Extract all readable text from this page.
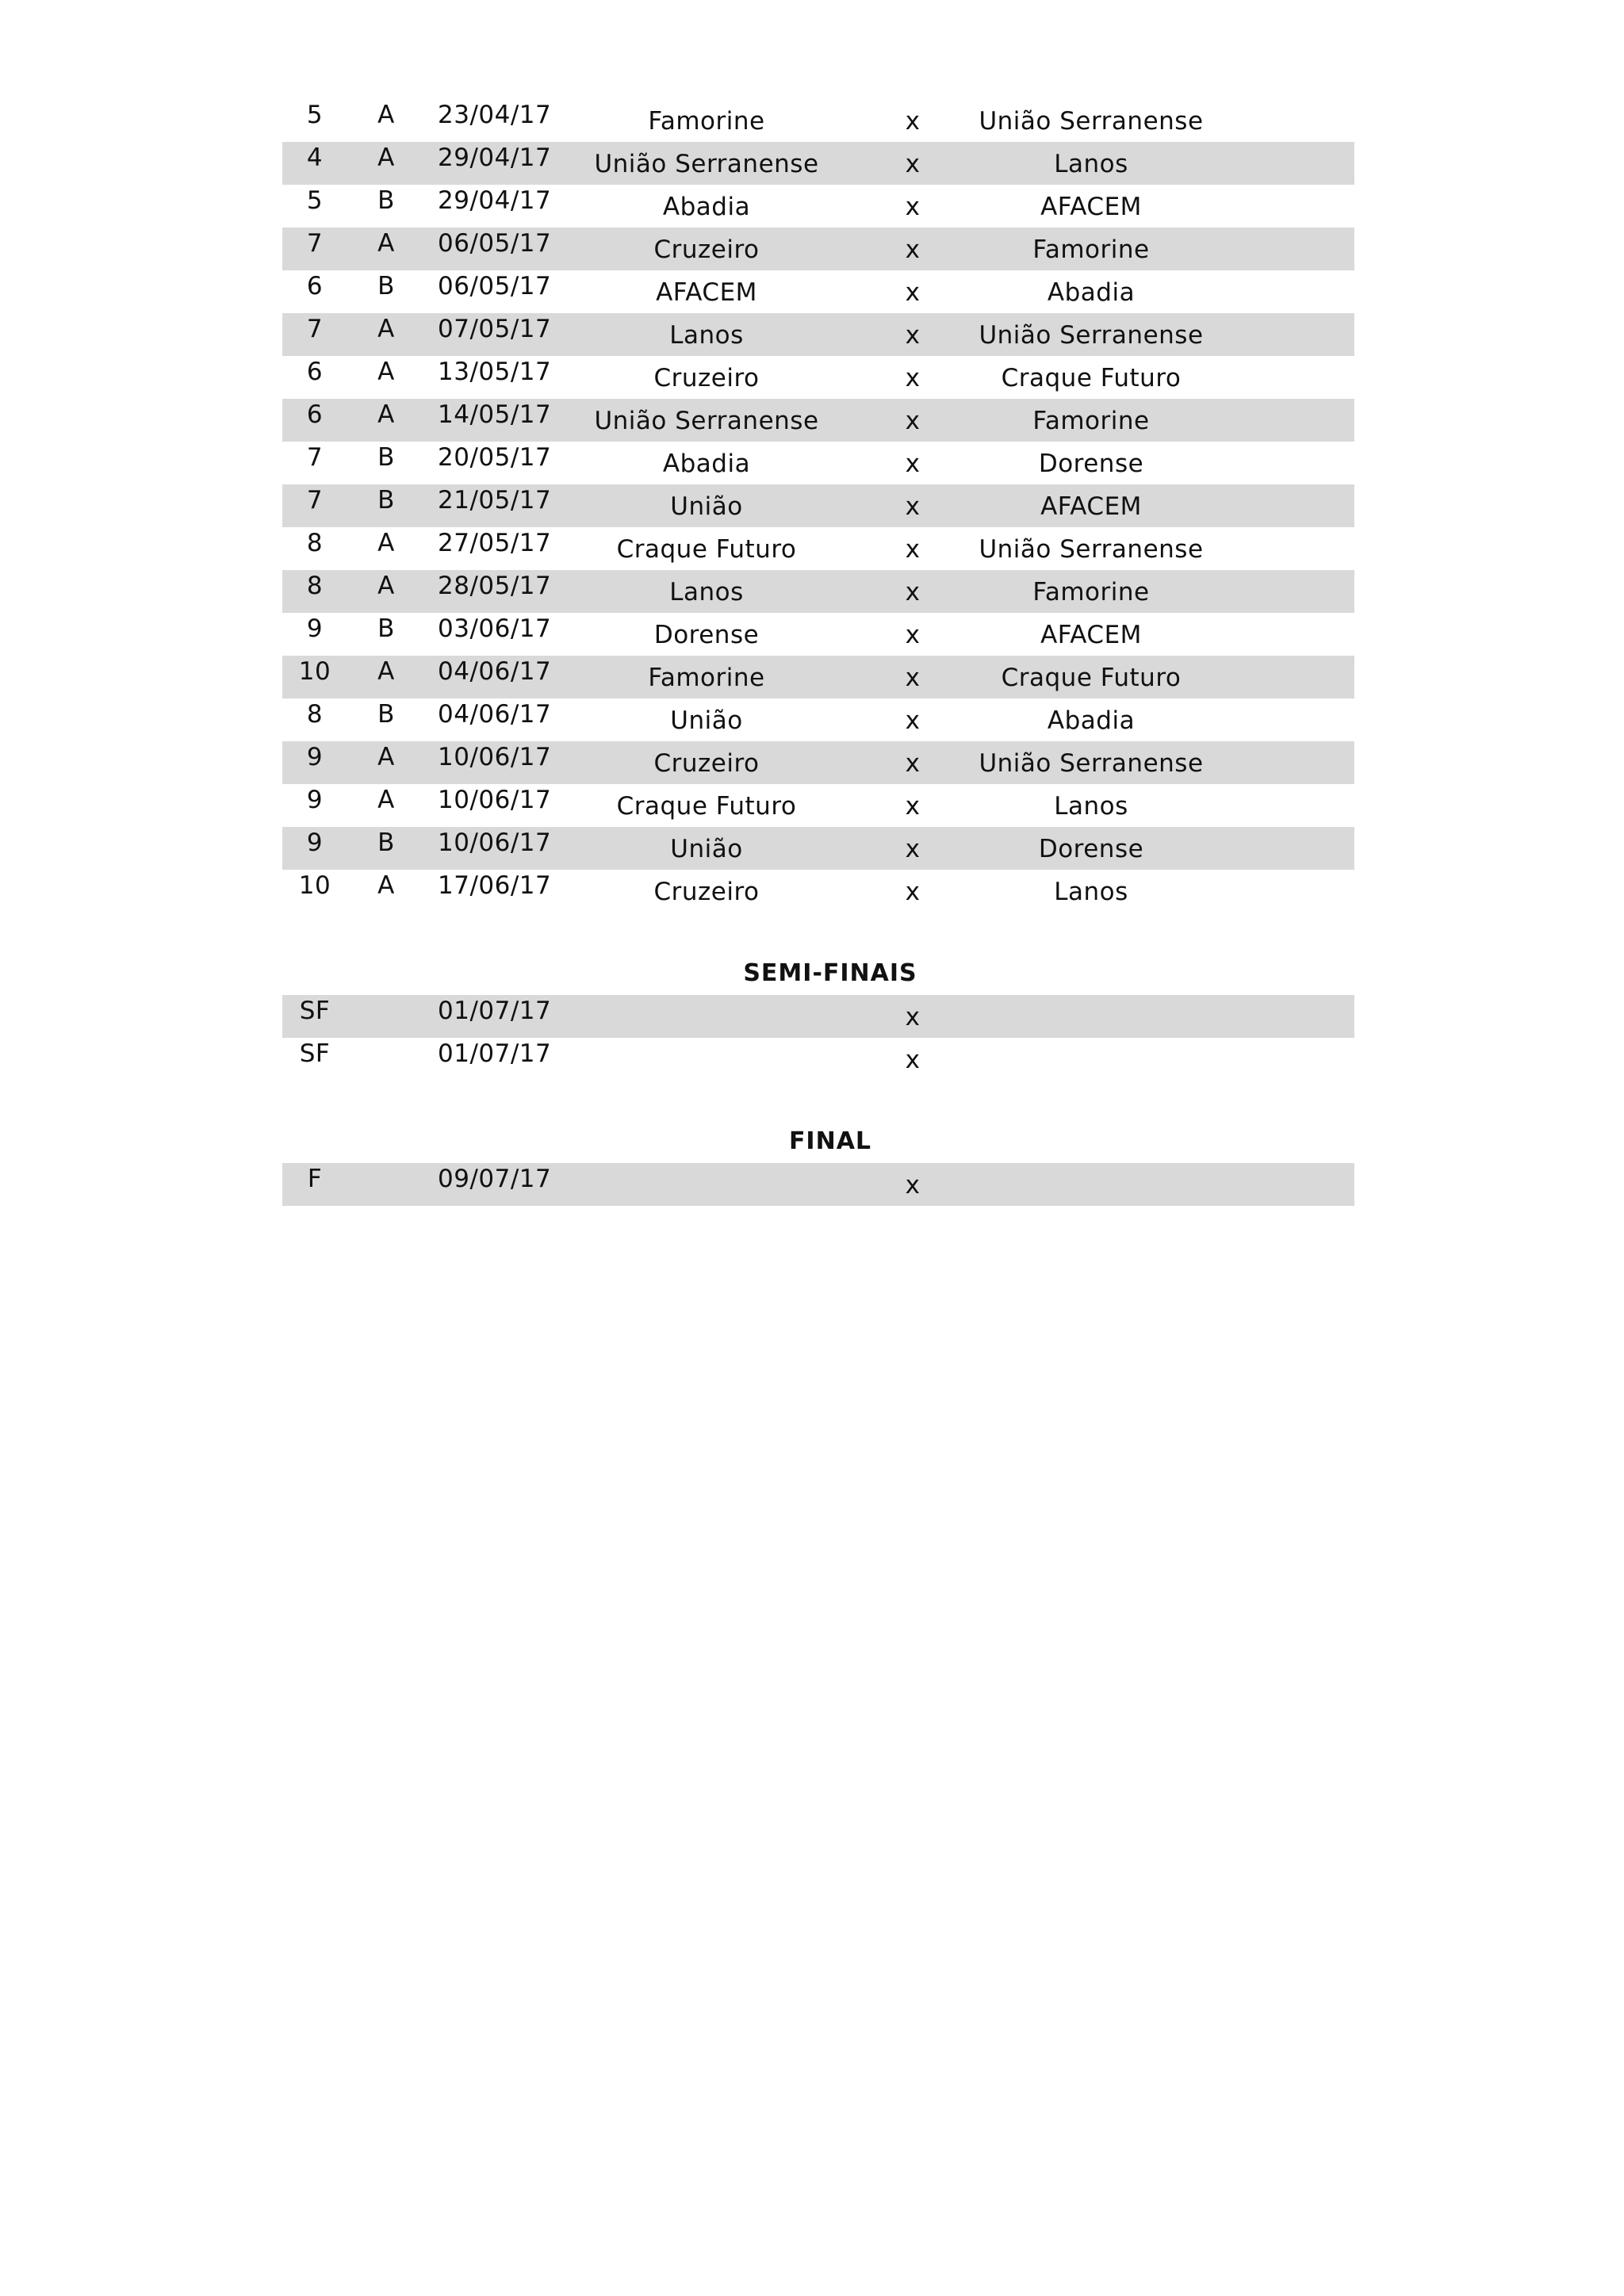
5	A	23/04/17	Famorine	x	União Serranense
4	A	29/04/17	União Serranense	x	Lanos
5	B	29/04/17	Abadia	x	AFACEM
7	A	06/05/17	Cruzeiro	x	Famorine
6	B	06/05/17	AFACEM	x	Abadia
7	A	07/05/17	Lanos	x	União Serranense
6	A	13/05/17	Cruzeiro	x	Craque Futuro
6	A	14/05/17	União Serranense	x	Famorine
7	B	20/05/17	Abadia	x	Dorense
7	B	21/05/17	União	x	AFACEM
8	A	27/05/17	Craque Futuro	x	União Serranense
8	A	28/05/17	Lanos	x	Famorine
9	B	03/06/17	Dorense	x	AFACEM
10	A	04/06/17	Famorine	x	Craque Futuro
8	B	04/06/17	União	x	Abadia
9	A	10/06/17	Cruzeiro	x	União Serranense
9	A	10/06/17	Craque Futuro	x	Lanos
9	B	10/06/17	União	x	Dorense
10	A	17/06/17	Cruzeiro	x	Lanos
SEMI-FINAIS
SF	01/07/17	x
SF	01/07/17	x
FINAL
F	09/07/17	x
